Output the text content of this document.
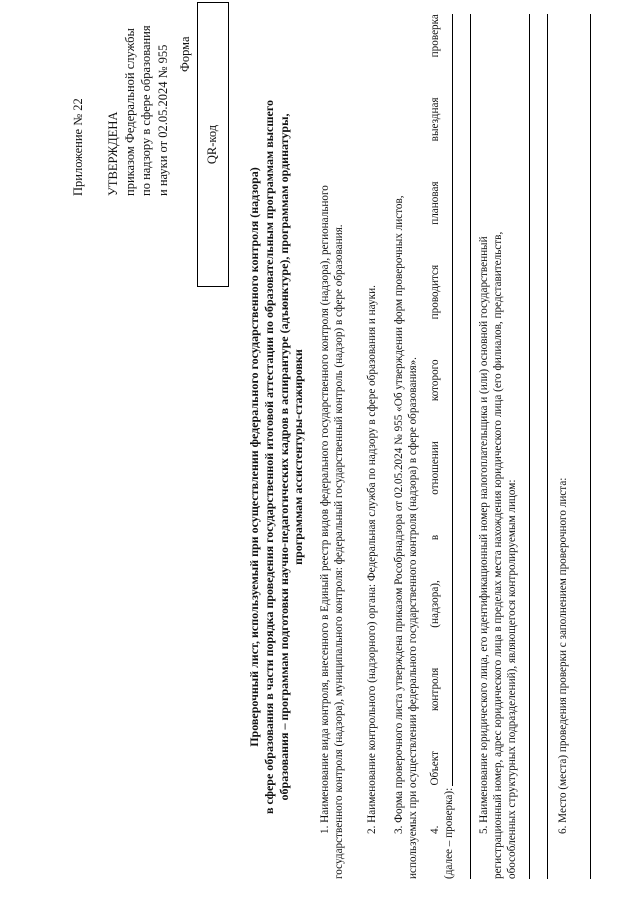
Приложение № 22 УТВЕРЖДЕНА приказом Федеральной службы по надзору в сфере образования и науки от 02.05.2024 № 955 Форма
QR-код
Проверочный лист, используемый при осуществлении федерального государственного контроля (надзора) в сфере образования в части порядка проведения государственной итоговой аттестации по образовательным программам высшего образования – программам подготовки научно-педагогических кадров в аспирантуре (адъюнктуре), программам ординатуры, программам ассистентуры-стажировки 1. Наименование вида контроля, внесенного в Единый реестр видов федерального государственного контроля (надзора), регионального государственного контроля (надзора), муниципального контроля: федеральный государственный контроль (надзор) в сфере образования. 2. Наименование контрольного (надзорного) органа: Федеральная служба по надзору в сфере образования и науки. 3. Форма проверочного листа утверждена приказом Рособрнадзора от 02.05.2024 № 955 «Об утверждении форм проверочных листов, используемых при осуществлении федерального государственного контроля (надзора) в сфере образования». 4.
Объект
контроля
(надзора),
в
отношении
которого
проводится
плановая
выездная
проверка
(далее – проверка): 5. Наименование юридического лица, его идентификационный номер налогоплательщика и (или) основной государственный регистрационный номер, адрес юридического лица в пределах места нахождения юридического лица (его филиалов, представительств, обособленных структурных подразделений), являющегося контролируемым лицом:	6. Место (места) проведения проверки с заполнением проверочного листа:
